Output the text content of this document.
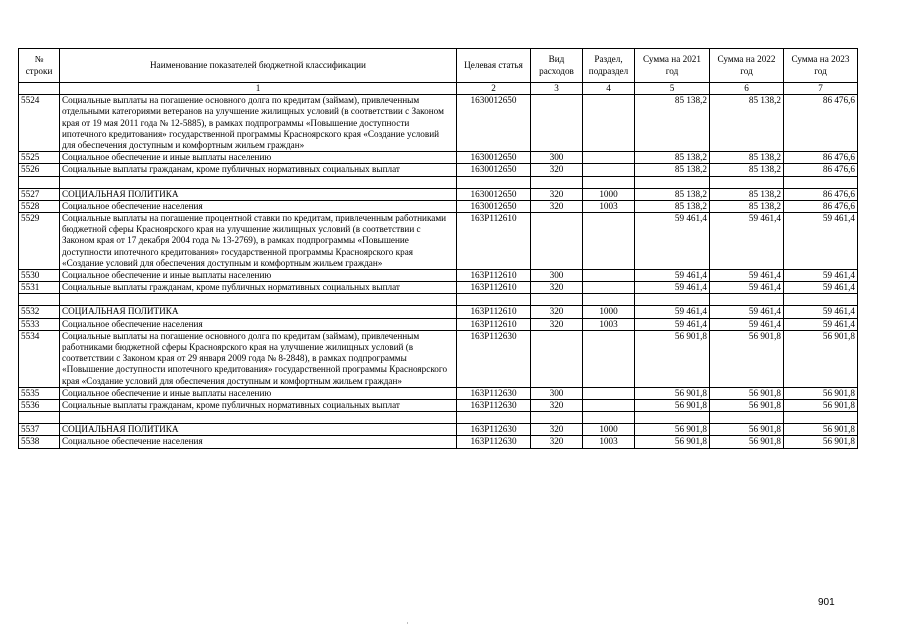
№ строки	Наименование показателей бюджетной классификации	Целевая статья	Вид расходов	Раздел, подраздел	Сумма на 2021 год	Сумма на 2022 год	Сумма на 2023 год
	1	2	3	4	5	6	7
5524	Социальные выплаты на погашение основного долга по кредитам (займам), привлеченным отдельными категориями ветеранов на улучшение жилищных условий (в соответствии с Законом края от 19 мая 2011 года № 12-5885), в рамках подпрограммы «Повышение доступности ипотечного кредитования» государственной программы Красноярского края «Создание условий для обеспечения доступным и комфортным жильем граждан»	1630012650			85 138,2	85 138,2	86 476,6
5525	Социальное обеспечение и иные выплаты населению	1630012650	300		85 138,2	85 138,2	86 476,6
5526	Социальные выплаты гражданам, кроме публичных нормативных социальных выплат	1630012650	320		85 138,2	85 138,2	86 476,6

5527	СОЦИАЛЬНАЯ ПОЛИТИКА	1630012650	320	1000	85 138,2	85 138,2	86 476,6
5528	Социальное обеспечение населения	1630012650	320	1003	85 138,2	85 138,2	86 476,6
5529	Социальные выплаты на погашение процентной ставки по кредитам, привлеченным работниками бюджетной сферы Красноярского края на улучшение жилищных условий (в соответствии с Законом края от 17 декабря 2004 года № 13-2769), в рамках подпрограммы «Повышение доступности ипотечного кредитования» государственной программы Красноярского края «Создание условий для обеспечения доступным и комфортным жильем граждан»	163P112610			59 461,4	59 461,4	59 461,4
5530	Социальное обеспечение и иные выплаты населению	163P112610	300		59 461,4	59 461,4	59 461,4
5531	Социальные выплаты гражданам, кроме публичных нормативных социальных выплат	163P112610	320		59 461,4	59 461,4	59 461,4

5532	СОЦИАЛЬНАЯ ПОЛИТИКА	163P112610	320	1000	59 461,4	59 461,4	59 461,4
5533	Социальное обеспечение населения	163P112610	320	1003	59 461,4	59 461,4	59 461,4
5534	Социальные выплаты на погашение основного долга по кредитам (займам), привлеченным работниками бюджетной сферы Красноярского края на улучшение жилищных условий (в соответствии с Законом края от 29 января 2009 года № 8-2848), в рамках подпрограммы «Повышение доступности ипотечного кредитования» государственной программы Красноярского края «Создание условий для обеспечения доступным и комфортным жильем граждан»	163P112630			56 901,8	56 901,8	56 901,8
5535	Социальное обеспечение и иные выплаты населению	163P112630	300		56 901,8	56 901,8	56 901,8
5536	Социальные выплаты гражданам, кроме публичных нормативных социальных выплат	163P112630	320		56 901,8	56 901,8	56 901,8

5537	СОЦИАЛЬНАЯ ПОЛИТИКА	163P112630	320	1000	56 901,8	56 901,8	56 901,8
5538	Социальное обеспечение населения	163P112630	320	1003	56 901,8	56 901,8	56 901,8
901
